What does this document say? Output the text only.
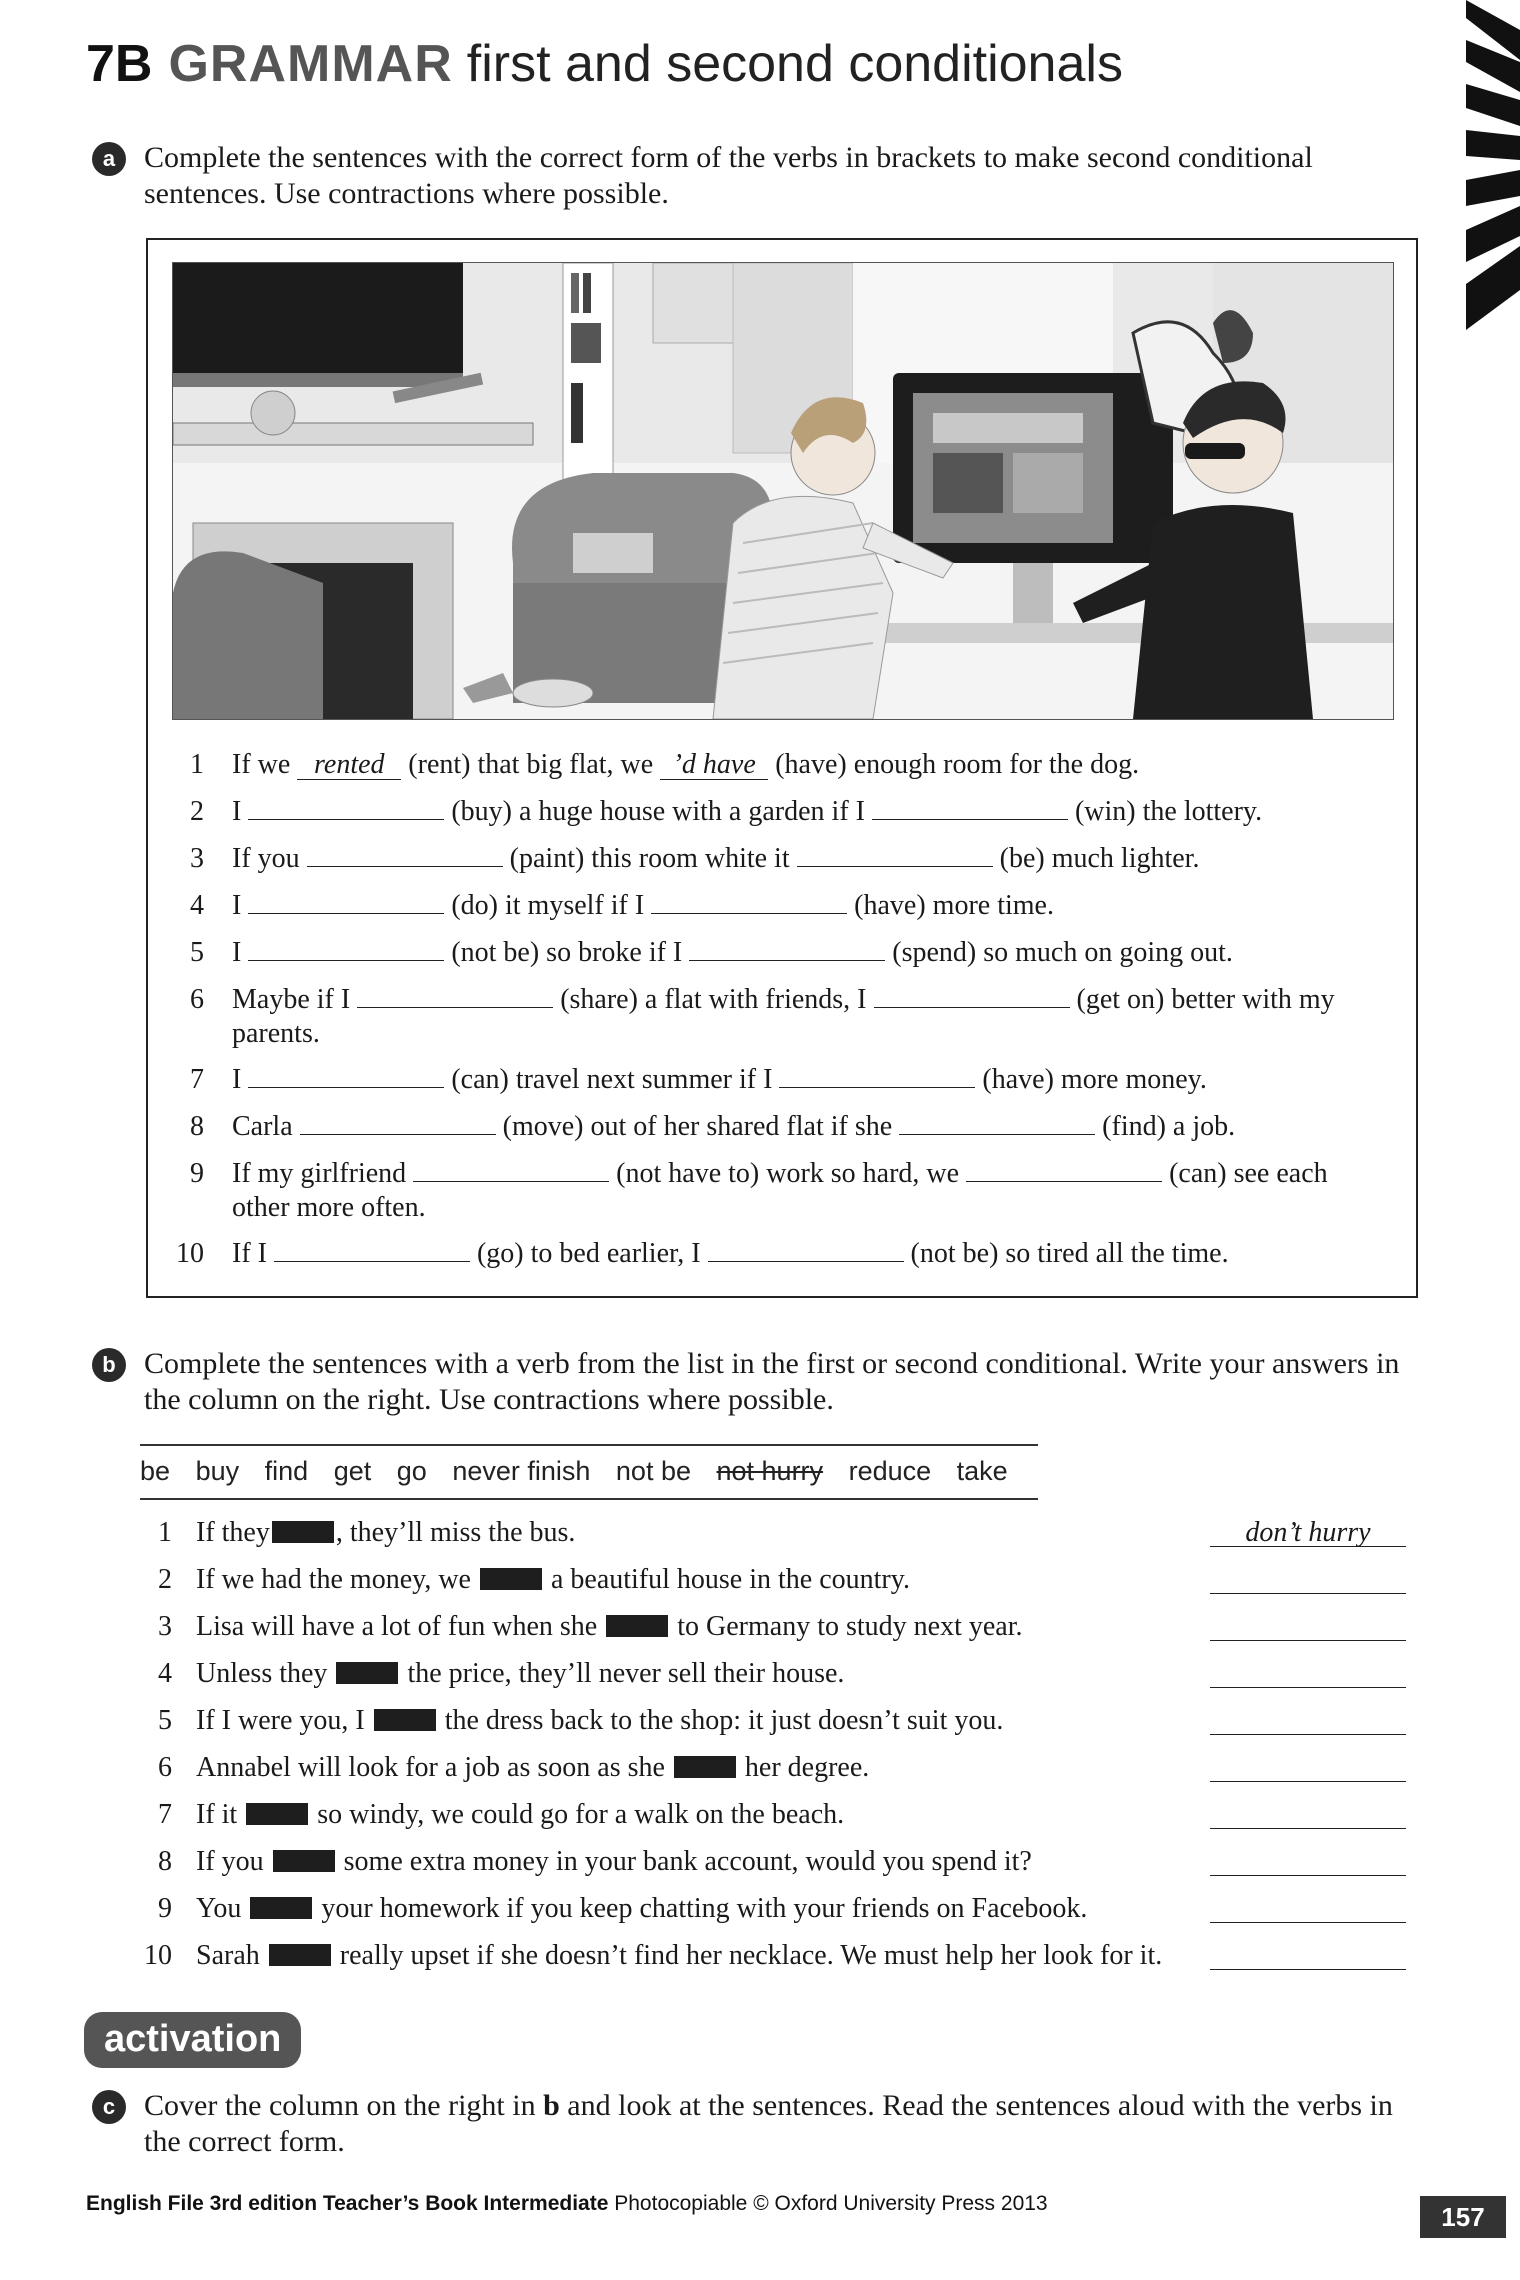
7B GRAMMAR first and second conditionals
a Complete the sentences with the correct form of the verbs in brackets to make second conditional sentences. Use contractions where possible.
1 If we rented (rent) that big flat, we ’d have (have) enough room for the dog.
2 I	(buy) a huge house with a garden if I	(win) the lottery.
3 If you	(paint) this room white it	(be) much lighter.
4 I	(do) it myself if I	(have) more time.
5 I	(not be) so broke if I	(spend) so much on going out.
6 Maybe if I	(share) a flat with friends, I	(get on) better with my parents.
7 I	(can) travel next summer if I	(have) more money.
8 Carla	(move) out of her shared flat if she	(find) a job.
9 If my girlfriend	(not have to) work so hard, we	(can) see each other more often.
10 If I	(go) to bed earlier, I	(not be) so tired all the time.
b Complete the sentences with a verb from the list in the first or second conditional. Write your answers in the column on the right. Use contractions where possible.
be buy find get go never finish not be not hurry reduce take
1 If they , they’ll miss the bus.	don’t hurry
2 If we had the money, we	a beautiful house in the country.
3 Lisa will have a lot of fun when she	to Germany to study next year.
4 Unless they	the price, they’ll never sell their house.
5 If I were you, I	the dress back to the shop: it just doesn’t suit you.
6 Annabel will look for a job as soon as she	her degree.
7 If it	so windy, we could go for a walk on the beach.
8 If you	some extra money in your bank account, would you spend it?
9 You	your homework if you keep chatting with your friends on Facebook.
10 Sarah	really upset if she doesn’t find her necklace. We must help her look for it.
activation
c Cover the column on the right in b and look at the sentences. Read the sentences aloud with the verbs in the correct form.
English File 3rd edition Teacher’s Book Intermediate Photocopiable © Oxford University Press 2013	157
